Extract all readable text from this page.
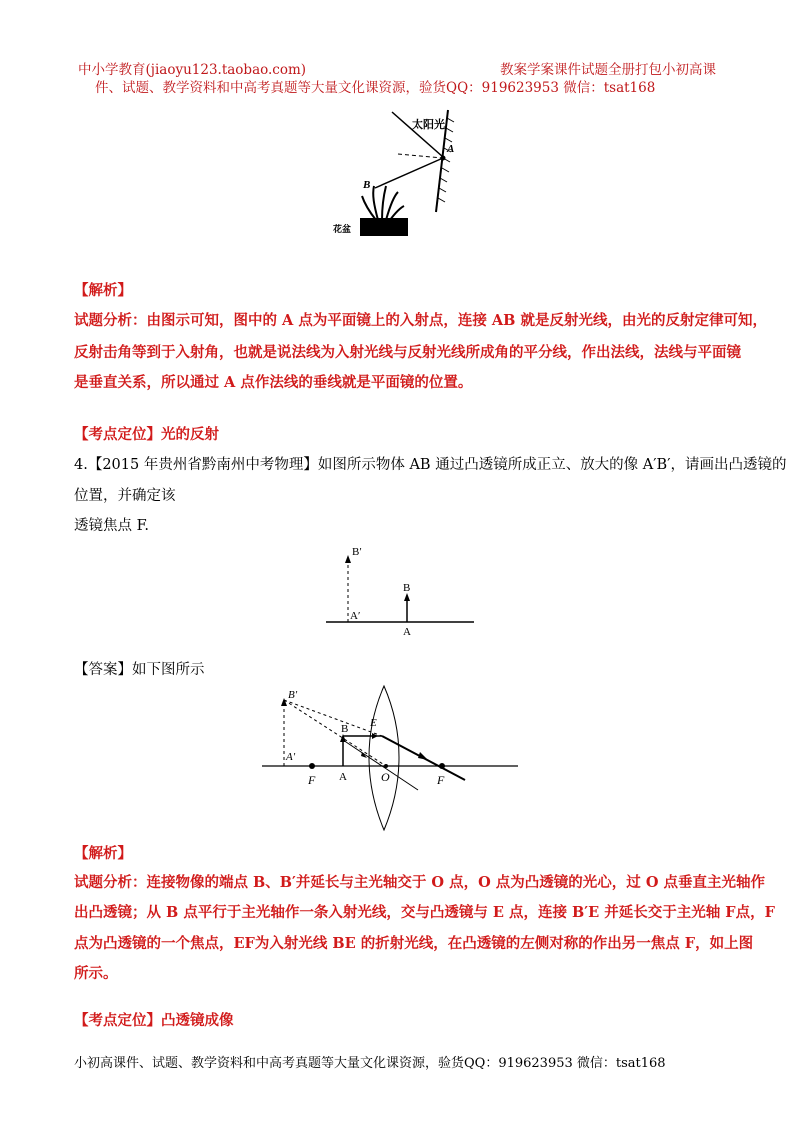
中小学教育(jiaoyu123.taobao.com)	教案学案课件试题全册打包小初高课
件、试题、教学资料和中高考真题等大量文化课资源，验货QQ：919623953 微信：tsat168
太阳光
A
B
花盆
【解析】
试题分析：由图示可知，图中的 A 点为平面镜上的入射点，连接 AB 就是反射光线，由光的反射定律可知，
反射击角等到于入射角，也就是说法线为入射光线与反射光线所成角的平分线，作出法线，法线与平面镜
是垂直关系，所以通过 A 点作法线的垂线就是平面镜的位置。
【考点定位】光的反射
4.【2015 年贵州省黔南州中考物理】如图所示物体 AB 通过凸透镜所成正立、放大的像 A′B′，请画出凸透镜的
位置，并确定该
透镜焦点 F.
B′
A′
B
A
【答案】如下图所示
B′
A′
B
A
E
O
F	F
【解析】
试题分析：连接物像的端点 B、B′并延长与主光轴交于 O 点，O 点为凸透镜的光心，过 O 点垂直主光轴作
出凸透镜；从 B 点平行于主光轴作一条入射光线，交与凸透镜与 E 点，连接 B′E 并延长交于主光轴 F点，F
点为凸透镜的一个焦点，EF为入射光线 BE 的折射光线，在凸透镜的左侧对称的作出另一焦点 F，如上图
所示。
【考点定位】凸透镜成像
小初高课件、试题、教学资料和中高考真题等大量文化课资源，验货QQ：919623953 微信：tsat168
